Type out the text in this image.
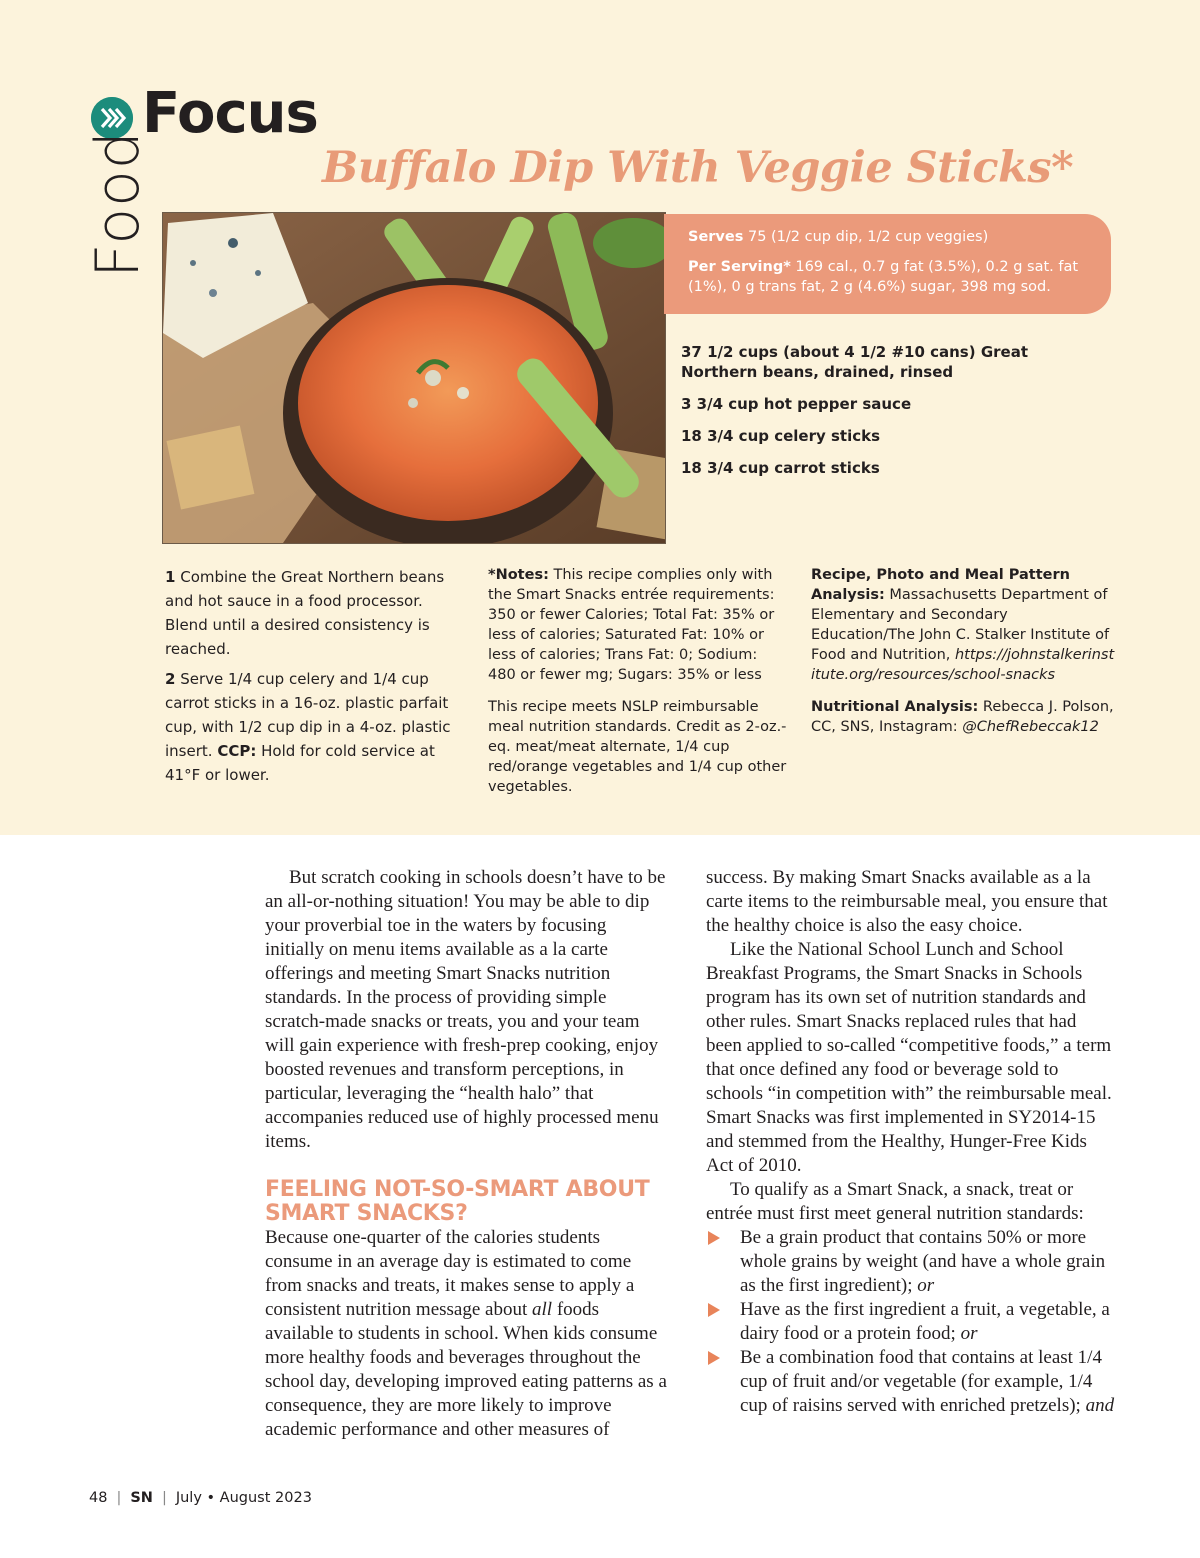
Food
Focus
Buffalo Dip With Veggie Sticks*
Serves 75 (1/2 cup dip, 1/2 cup veggies)
Per Serving* 169 cal., 0.7 g fat (3.5%), 0.2 g sat. fat (1%), 0 g trans fat, 2 g (4.6%) sugar, 398 mg sod.
37 1/2 cups (about 4 1/2 #10 cans) Great Northern beans, drained, rinsed
3 3/4 cup hot pepper sauce
18 3/4 cup celery sticks
18 3/4 cup carrot sticks

1 Combine the Great Northern beans and hot sauce in a food processor. Blend until a desired consistency is reached.

2 Serve 1/4 cup celery and 1/4 cup carrot sticks in a 16-oz. plastic parfait cup, with 1/2 cup dip in a 4-oz. plastic insert. CCP: Hold for cold service at 41°F or lower.

*Notes: This recipe complies only with the Smart Snacks entrée requirements: 350 or fewer Calories; Total Fat: 35% or less of calories; Saturated Fat: 10% or less of calories; Trans Fat: 0; Sodium: 480 or fewer mg; Sugars: 35% or less

This recipe meets NSLP reimbursable meal nutrition standards. Credit as 2-oz.-eq. meat/meat alternate, 1/4 cup red/orange vegetables and 1/4 cup other vegetables.

Recipe, Photo and Meal Pattern Analysis: Massachusetts Department of Elementary and Secondary Education/The John C. Stalker Institute of Food and Nutrition, https://johnstalkerinstitute.org/resources/school-snacks

Nutritional Analysis: Rebecca J. Polson, CC, SNS, Instagram: @ChefRebeccak12

But scratch cooking in schools doesn’t have to be an all-or-nothing situation! You may be able to dip your proverbial toe in the waters by focusing initially on menu items available as a la carte offerings and meeting Smart Snacks nutrition standards. In the process of providing simple scratch-made snacks or treats, you and your team will gain experience with fresh-prep cooking, enjoy boosted revenues and transform perceptions, in particular, leveraging the “health halo” that accompanies reduced use of highly processed menu items.

FEELING NOT-SO-SMART ABOUT SMART SNACKS?

Because one-quarter of the calories students consume in an average day is estimated to come from snacks and treats, it makes sense to apply a consistent nutrition message about all foods available to students in school. When kids consume more healthy foods and beverages throughout the school day, developing improved eating patterns as a consequence, they are more likely to improve academic performance and other measures of

success. By making Smart Snacks available as a la carte items to the reimbursable meal, you ensure that the healthy choice is also the easy choice.

Like the National School Lunch and School Breakfast Programs, the Smart Snacks in Schools program has its own set of nutrition standards and other rules. Smart Snacks replaced rules that had been applied to so-called “competitive foods,” a term that once defined any food or beverage sold to schools “in competition with” the reimbursable meal. Smart Snacks was first implemented in SY2014-15 and stemmed from the Healthy, Hunger-Free Kids Act of 2010.

To qualify as a Smart Snack, a snack, treat or entrée must first meet general nutrition standards:

Be a grain product that contains 50% or more whole grains by weight (and have a whole grain as the first ingredient); or
Have as the first ingredient a fruit, a vegetable, a dairy food or a protein food; or
Be a combination food that contains at least 1/4 cup of fruit and/or vegetable (for example, 1/4 cup of raisins served with enriched pretzels); and
48 | SN | July • August 2023
